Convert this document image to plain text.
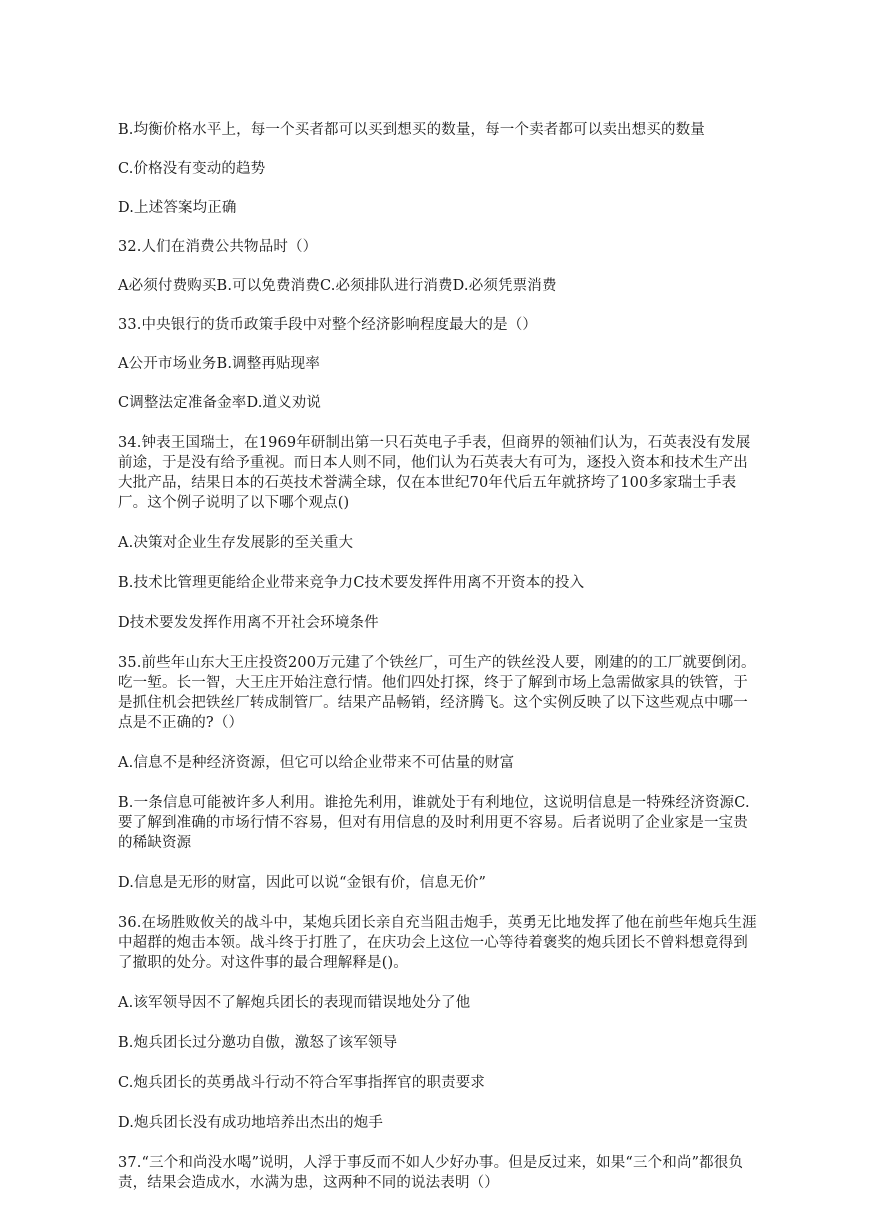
B.均衡价格水平上，每一个买者都可以买到想买的数量，每一个卖者都可以卖出想买的数量

C.价格没有变动的趋势

D.上述答案均正确

32.人们在消费公共物品时（）

A必须付费购买B.可以免费消费C.必须排队进行消费D.必须凭票消费

33.中央银行的货币政策手段中对整个经济影响程度最大的是（）

A公开市场业务B.调整再贴现率

C调整法定准备金率D.道义劝说

34.钟表王国瑞士，在1969年研制出第一只石英电子手表，但商界的领袖们认为，石英表没有发展前途，于是没有给予重视。而日本人则不同，他们认为石英表大有可为，逐投入资本和技术生产出大批产品，结果日本的石英技术誉满全球，仅在本世纪70年代后五年就挤垮了100多家瑞士手表厂。这个例子说明了以下哪个观点()

A.决策对企业生存发展影的至关重大

B.技术比管理更能给企业带来竞争力C技术要发挥件用离不开资本的投入

D技术要发发挥作用离不开社会环境条件

35.前些年山东大王庄投资200万元建了个铁丝厂，可生产的铁丝没人要，刚建的的工厂就要倒闭。吃一堑。长一智，大王庄开始注意行情。他们四处打探，终于了解到市场上急需做家具的铁管，于是抓住机会把铁丝厂转成制管厂。结果产品畅销，经济腾飞。这个实例反映了以下这些观点中哪一点是不正确的?（）

A.信息不是种经济资源，但它可以给企业带来不可估量的财富

B.一条信息可能被许多人利用。谁抢先利用，谁就处于有利地位，这说明信息是一特殊经济资源C.要了解到准确的市场行情不容易，但对有用信息的及时利用更不容易。后者说明了企业家是一宝贵的稀缺资源

D.信息是无形的财富，因此可以说“金银有价，信息无价”

36.在场胜败攸关的战斗中，某炮兵团长亲自充当阻击炮手，英勇无比地发挥了他在前些年炮兵生涯中超群的炮击本领。战斗终于打胜了，在庆功会上这位一心等待着褒奖的炮兵团长不曾料想竟得到了撤职的处分。对这件事的最合理解释是()。

A.该军领导因不了解炮兵团长的表现而错误地处分了他

B.炮兵团长过分邀功自傲，激怒了该军领导

C.炮兵团长的英勇战斗行动不符合军事指挥官的职责要求

D.炮兵团长没有成功地培养出杰出的炮手

37.“三个和尚没水喝”说明，人浮于事反而不如人少好办事。但是反过来，如果“三个和尚”都很负责，结果会造成水，水满为患，这两种不同的说法表明（）
